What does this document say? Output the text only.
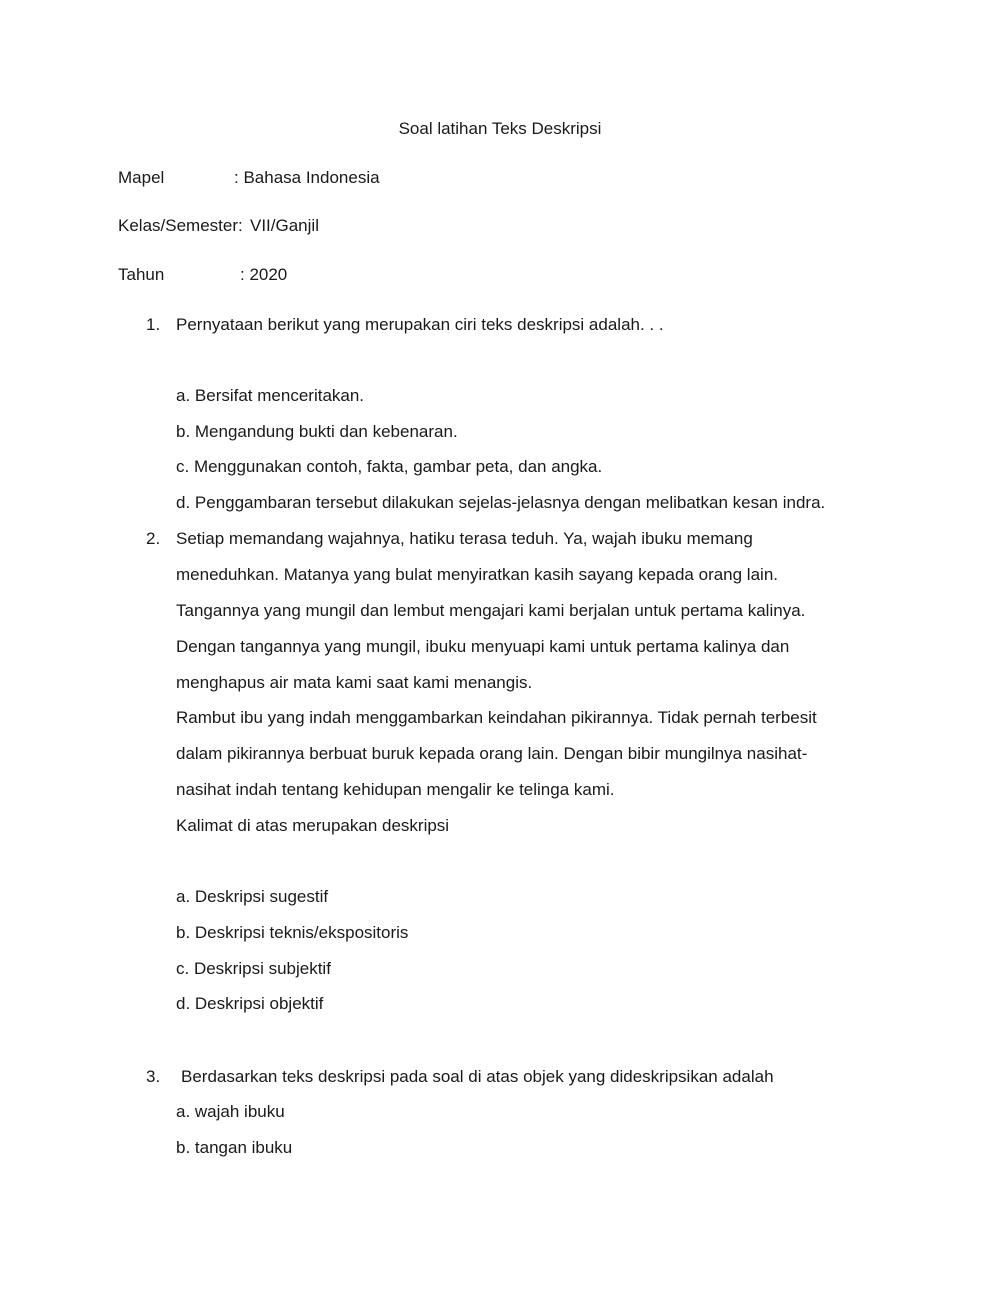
Soal latihan Teks Deskripsi
Mapel	: Bahasa Indonesia
Kelas/Semester: VII/Ganjil
Tahun	: 2020
1. Pernyataan berikut yang merupakan ciri teks deskripsi adalah. . .
a. Bersifat menceritakan.
b. Mengandung bukti dan kebenaran.
c. Menggunakan contoh, fakta, gambar peta, dan angka.
d. Penggambaran tersebut dilakukan sejelas-jelasnya dengan melibatkan kesan indra.
2. Setiap memandang wajahnya, hatiku terasa teduh. Ya, wajah ibuku memang
meneduhkan. Matanya yang bulat menyiratkan kasih sayang kepada orang lain.
Tangannya yang mungil dan lembut mengajari kami berjalan untuk pertama kalinya.
Dengan tangannya yang mungil, ibuku menyuapi kami untuk pertama kalinya dan
menghapus air mata kami saat kami menangis.
Rambut ibu yang indah menggambarkan keindahan pikirannya. Tidak pernah terbesit
dalam pikirannya berbuat buruk kepada orang lain. Dengan bibir mungilnya nasihat-
nasihat indah tentang kehidupan mengalir ke telinga kami.
Kalimat di atas merupakan deskripsi
a. Deskripsi sugestif
b. Deskripsi teknis/ekspositoris
c. Deskripsi subjektif
d. Deskripsi objektif
3. Berdasarkan teks deskripsi pada soal di atas objek yang dideskripsikan adalah
a. wajah ibuku
b. tangan ibuku
